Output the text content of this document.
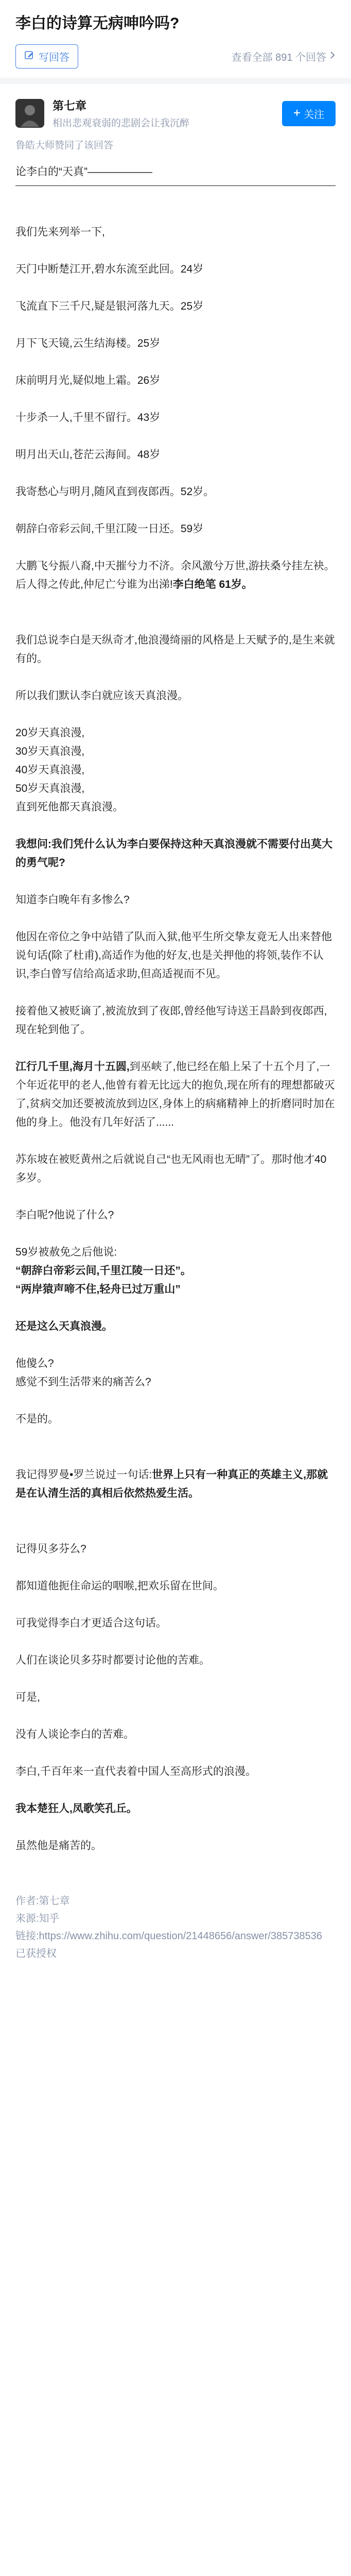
李白的诗算无病呻吟吗?
写回答	查看全部 891 个回答
第七章
相出悲观衰弱的悲剧会让我沉醉
关注
鲁皓大师赞同了该回答

论李白的“天真”——————

我们先来列举一下,

天门中断楚江开,碧水东流至此回。24岁

飞流直下三千尺,疑是银河落九天。25岁

月下飞天镜,云生结海楼。25岁

床前明月光,疑似地上霜。26岁

十步杀一人,千里不留行。43岁

明月出天山,苍茫云海间。48岁

我寄愁心与明月,随风直到夜郎西。52岁。

朝辞白帝彩云间,千里江陵一日还。59岁

大鹏飞兮振八裔,中天摧兮力不济。余风激兮万世,游扶桑兮挂左袂。后人得之传此,仲尼亡兮谁为出涕!李白绝笔 61岁。

我们总说李白是天纵奇才,他浪漫绮丽的风格是上天赋予的,是生来就有的。

所以我们默认李白就应该天真浪漫。

20岁天真浪漫,
30岁天真浪漫,
40岁天真浪漫,
50岁天真浪漫,
直到死他都天真浪漫。

我想问:我们凭什么认为李白要保持这种天真浪漫就不需要付出莫大的勇气呢?

知道李白晚年有多惨么?

他因在帝位之争中站错了队而入狱,他平生所交挚友竟无人出来替他说句话(除了杜甫),高适作为他的好友,也是关押他的将领,装作不认识,李白曾写信给高适求助,但高适视而不见。

接着他又被贬谪了,被流放到了夜郎,曾经他写诗送王昌龄到夜郎西,现在轮到他了。

江行几千里,海月十五圆,到巫峡了,他已经在船上呆了十五个月了,一个年近花甲的老人,他曾有着无比远大的抱负,现在所有的理想都破灭了,贫病交加还要被流放到边区,身体上的病痛精神上的折磨同时加在他的身上。他没有几年好活了......

苏东坡在被贬黄州之后就说自己“也无风雨也无晴”了。那时他才40多岁。

李白呢?他说了什么?

59岁被赦免之后他说:
“朝辞白帝彩云间,千里江陵一日还”。
“两岸猿声啼不住,轻舟已过万重山”

还是这么天真浪漫。

他傻么?
感觉不到生活带来的痛苦么?

不是的。

我记得罗曼•罗兰说过一句话:世界上只有一种真正的英雄主义,那就是在认清生活的真相后依然热爱生活。

记得贝多芬么?

都知道他扼住命运的咽喉,把欢乐留在世间。

可我觉得李白才更适合这句话。

人们在谈论贝多芬时都要讨论他的苦难。

可是,

没有人谈论李白的苦难。

李白,千百年来一直代表着中国人至高形式的浪漫。

我本楚狂人,凤歌笑孔丘。

虽然他是痛苦的。

作者:第七章
来源:知乎
链接:https://www.zhihu.com/question/21448656/answer/385738536
已获授权
